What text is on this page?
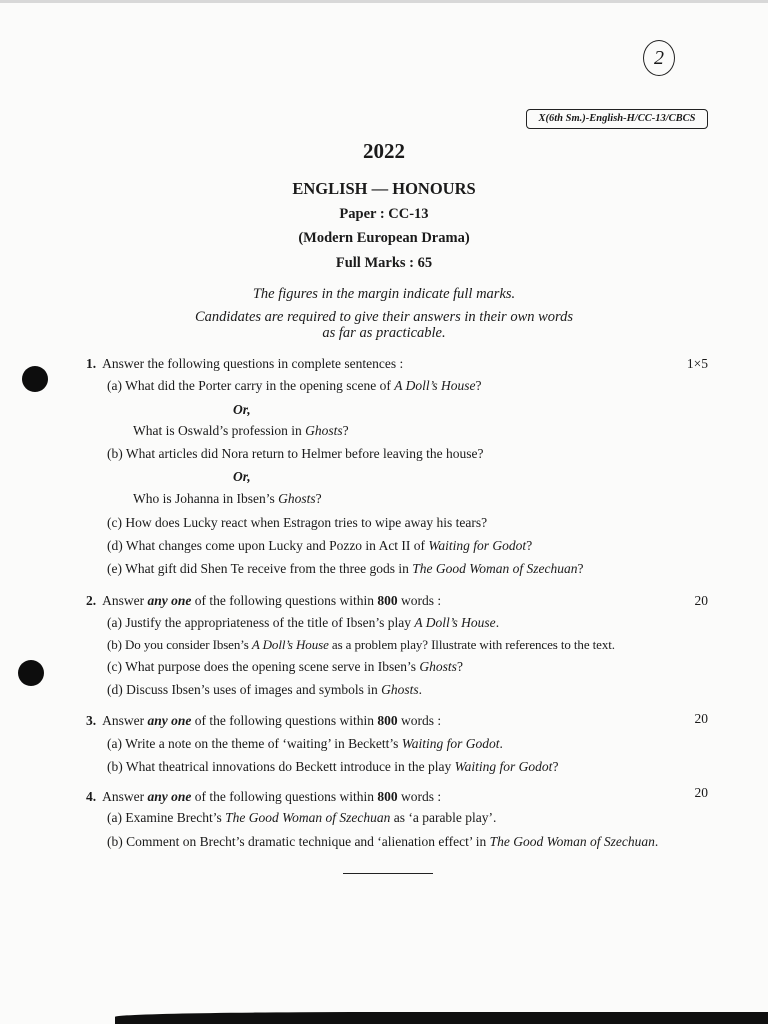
2
X(6th Sm.)-English-H/CC-13/CBCS
2022
ENGLISH — HONOURS
Paper : CC-13
(Modern European Drama)
Full Marks : 65
The figures in the margin indicate full marks.
Candidates are required to give their answers in their own words
as far as practicable.
1. Answer the following questions in complete sentences :	1×5
(a) What did the Porter carry in the opening scene of A Doll’s House?
Or,
What is Oswald’s profession in Ghosts?
(b) What articles did Nora return to Helmer before leaving the house?
Or,
Who is Johanna in Ibsen’s Ghosts?
(c) How does Lucky react when Estragon tries to wipe away his tears?
(d) What changes come upon Lucky and Pozzo in Act II of Waiting for Godot?
(e) What gift did Shen Te receive from the three gods in The Good Woman of Szechuan?
2. Answer any one of the following questions within 800 words :	20
(a) Justify the appropriateness of the title of Ibsen’s play A Doll’s House.
(b) Do you consider Ibsen’s A Doll’s House as a problem play? Illustrate with references to the text.
(c) What purpose does the opening scene serve in Ibsen’s Ghosts?
(d) Discuss Ibsen’s uses of images and symbols in Ghosts.
3. Answer any one of the following questions within 800 words :	20
(a) Write a note on the theme of ‘waiting’ in Beckett’s Waiting for Godot.
(b) What theatrical innovations do Beckett introduce in the play Waiting for Godot?
4. Answer any one of the following questions within 800 words :	20
(a) Examine Brecht’s The Good Woman of Szechuan as ‘a parable play’.
(b) Comment on Brecht’s dramatic technique and ‘alienation effect’ in The Good Woman of Szechuan.
